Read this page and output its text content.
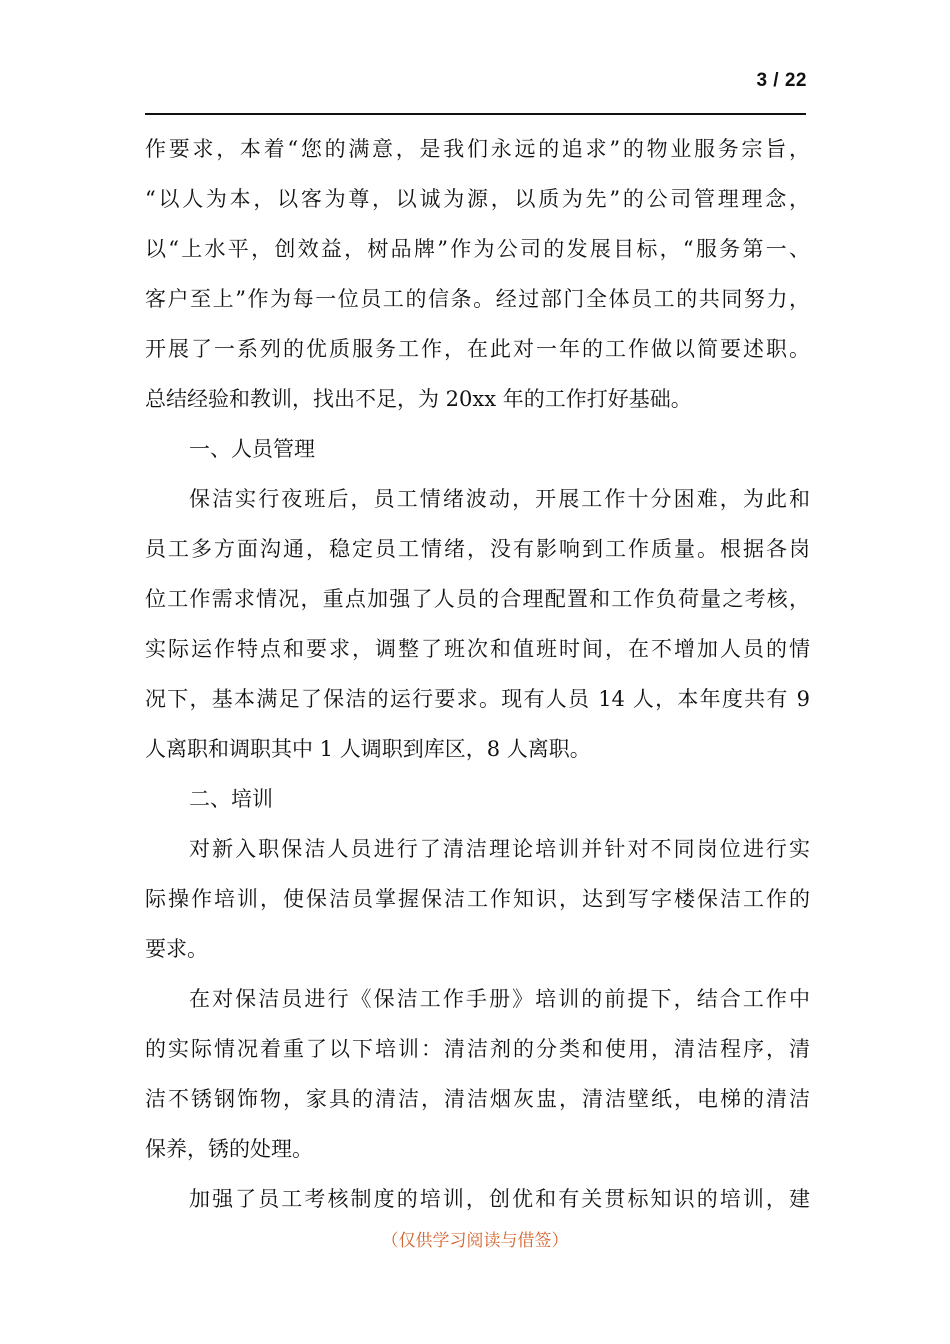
3 / 22
作要求，本着“您的满意，是我们永远的追求”的物业服务宗旨，
“以人为本，以客为尊，以诚为源，以质为先”的公司管理理念，
以“上水平，创效益，树品牌”作为公司的发展目标，“服务第一、
客户至上”作为每一位员工的信条。经过部门全体员工的共同努力，
开展了一系列的优质服务工作，在此对一年的工作做以简要述职。
总结经验和教训，找出不足，为 20xx 年的工作打好基础。
一、人员管理
保洁实行夜班后，员工情绪波动，开展工作十分困难，为此和
员工多方面沟通，稳定员工情绪，没有影响到工作质量。根据各岗
位工作需求情况，重点加强了人员的合理配置和工作负荷量之考核，
实际运作特点和要求，调整了班次和值班时间，在不增加人员的情
况下，基本满足了保洁的运行要求。现有人员 14 人，本年度共有 9
人离职和调职其中 1 人调职到库区，8 人离职。
二、培训
对新入职保洁人员进行了清洁理论培训并针对不同岗位进行实
际操作培训，使保洁员掌握保洁工作知识，达到写字楼保洁工作的
要求。
在对保洁员进行《保洁工作手册》培训的前提下，结合工作中
的实际情况着重了以下培训：清洁剂的分类和使用，清洁程序，清
洁不锈钢饰物，家具的清洁，清洁烟灰盅，清洁壁纸，电梯的清洁
保养，锈的处理。
加强了员工考核制度的培训，创优和有关贯标知识的培训，建
（仅供学习阅读与借签）
